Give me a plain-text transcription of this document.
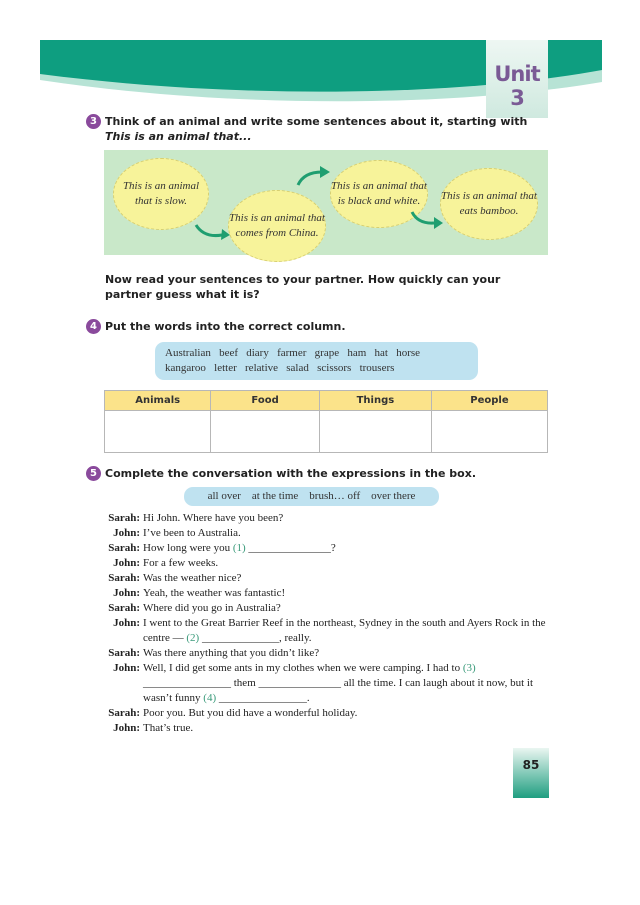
Unit 3
3 Think of an animal and write some sentences about it, starting with This is an animal that...
This is an animal that is slow.
This is an animal that comes from China.
This is an animal that is black and white.	This is an animal that eats bamboo.
Now read your sentences to your partner. How quickly can your partner guess what it is?
4 Put the words into the correct column.
Australian   beef   diary   farmer   grape   ham   hat   horse
kangaroo   letter   relative   salad   scissors   trousers
Animals	Food	Things	People

5 Complete the conversation with the expressions in the box.
all over    at the time    brush… off    over there
Sarah: Hi John. Where have you been?
John: I’ve been to Australia.
Sarah: How long were you (1) _______________?
John: For a few weeks.
Sarah: Was the weather nice?
John: Yeah, the weather was fantastic!
Sarah: Where did you go in Australia?
John: I went to the Great Barrier Reef in the northeast, Sydney in the south and Ayers Rock in the centre — (2) ______________, really.
Sarah: Was there anything that you didn’t like?
John: Well, I did get some ants in my clothes when we were camping. I had to (3) ________________ them _______________ all the time. I can laugh about it now, but it wasn’t funny (4) ________________.
Sarah: Poor you. But you did have a wonderful holiday.
John: That’s true.
85
